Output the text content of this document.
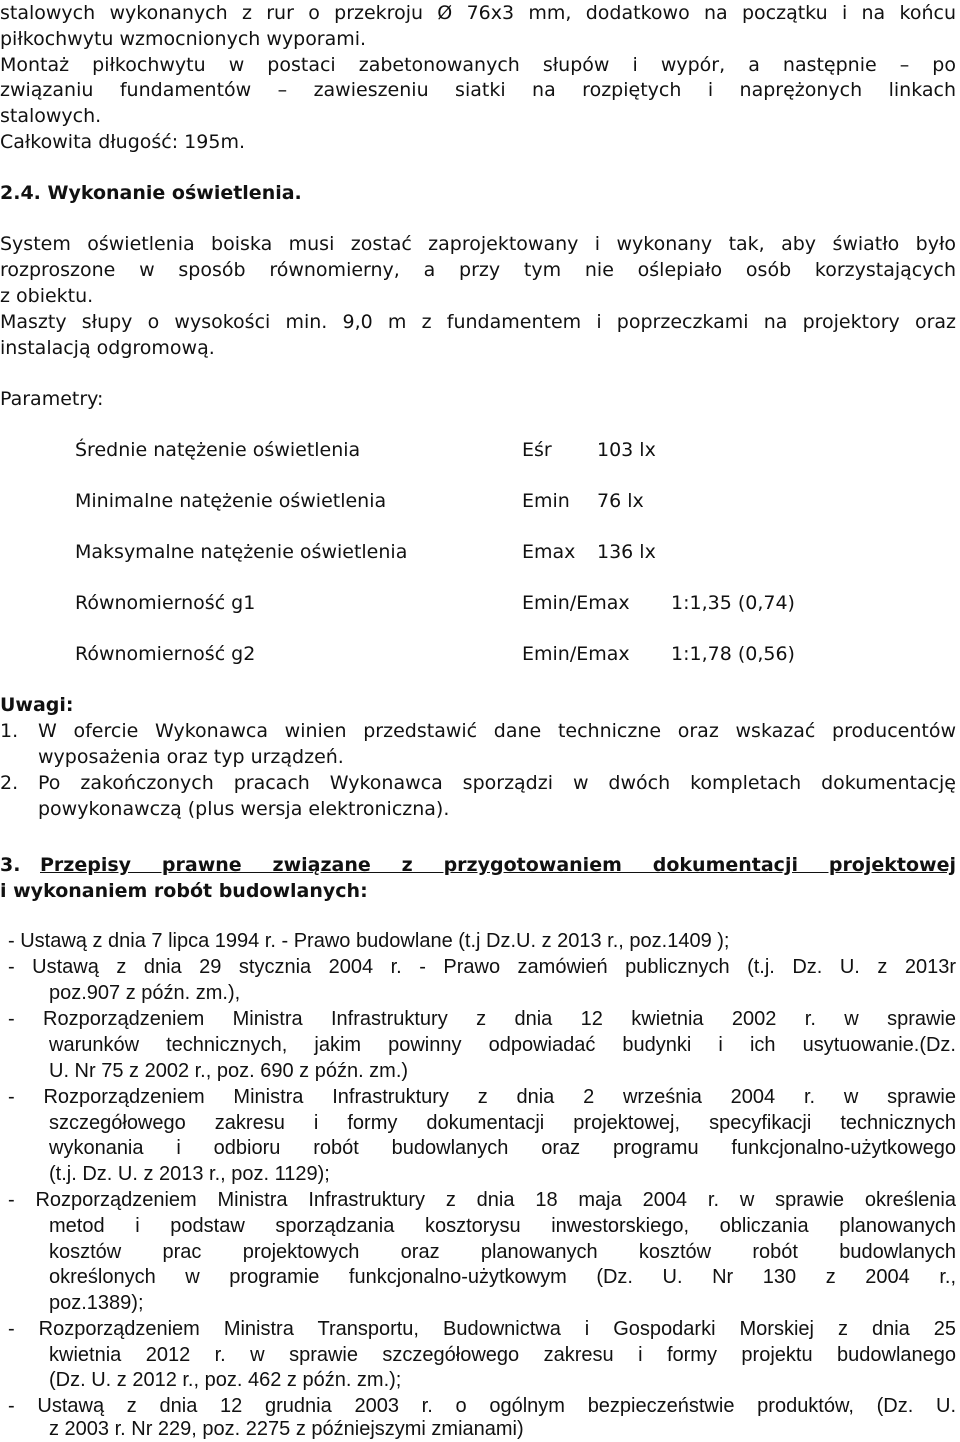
stalowych wykonanych z rur o przekroju Ø 76x3 mm, dodatkowo na początku i na końcu
piłkochwytu wzmocnionych wyporami.
Montaż piłkochwytu w postaci zabetonowanych słupów i wypór, a następnie – po
związaniu fundamentów – zawieszeniu siatki na rozpiętych i naprężonych linkach
stalowych.
Całkowita długość: 195m.
2.4. Wykonanie oświetlenia.
System oświetlenia boiska musi zostać zaprojektowany i wykonany tak, aby światło było
rozproszone w sposób równomierny, a przy tym nie oślepiało osób korzystających
z obiektu.
Maszty słupy o wysokości min. 9,0 m z fundamentem i poprzeczkami na projektory oraz
instalacją odgromową.
Parametry:
Średnie natężenie oświetlenia	Eśr 103 lx
Minimalne natężenie oświetlenia	Emin 76 lx
Maksymalne natężenie oświetlenia	Emax 136 lx
Równomierność g1	Emin/Emax 1:1,35 (0,74)
Równomierność g2	Emin/Emax 1:1,78 (0,56)
Uwagi:
1. W ofercie Wykonawca winien przedstawić dane techniczne oraz wskazać producentów
wyposażenia oraz typ urządzeń.
2. Po zakończonych pracach Wykonawca sporządzi w dwóch kompletach dokumentację
powykonawczą (plus wersja elektroniczna).
3. Przepisy prawne związane z przygotowaniem dokumentacji projektowej
i wykonaniem robót budowlanych:
- Ustawą z dnia 7 lipca 1994 r. - Prawo budowlane (t.j Dz.U. z 2013 r., poz.1409 );
- Ustawą z dnia 29 stycznia 2004 r. - Prawo zamówień publicznych (t.j. Dz. U. z 2013r
poz.907 z późn. zm.),
- Rozporządzeniem Ministra Infrastruktury z dnia 12 kwietnia 2002 r. w sprawie
warunków technicznych, jakim powinny odpowiadać budynki i ich usytuowanie.(Dz.
U. Nr 75 z 2002 r., poz. 690 z późn. zm.)
- Rozporządzeniem Ministra Infrastruktury z dnia 2 września 2004 r. w sprawie
szczegółowego zakresu i formy dokumentacji projektowej, specyfikacji technicznych
wykonania i odbioru robót budowlanych oraz programu funkcjonalno-użytkowego
(t.j. Dz. U. z 2013 r., poz. 1129);
- Rozporządzeniem Ministra Infrastruktury z dnia 18 maja 2004 r. w sprawie określenia
metod i podstaw sporządzania kosztorysu inwestorskiego, obliczania planowanych
kosztów prac projektowych oraz planowanych kosztów robót budowlanych
określonych w programie funkcjonalno-użytkowym (Dz. U. Nr 130 z 2004 r.,
poz.1389);
- Rozporządzeniem Ministra Transportu, Budownictwa i Gospodarki Morskiej z dnia 25
kwietnia 2012 r. w sprawie szczegółowego zakresu i formy projektu budowlanego
(Dz. U. z 2012 r., poz. 462 z późn. zm.);
- Ustawą z dnia 12 grudnia 2003 r. o ogólnym bezpieczeństwie produktów, (Dz. U.
z 2003 r. Nr 229, poz. 2275 z późniejszymi zmianami)
